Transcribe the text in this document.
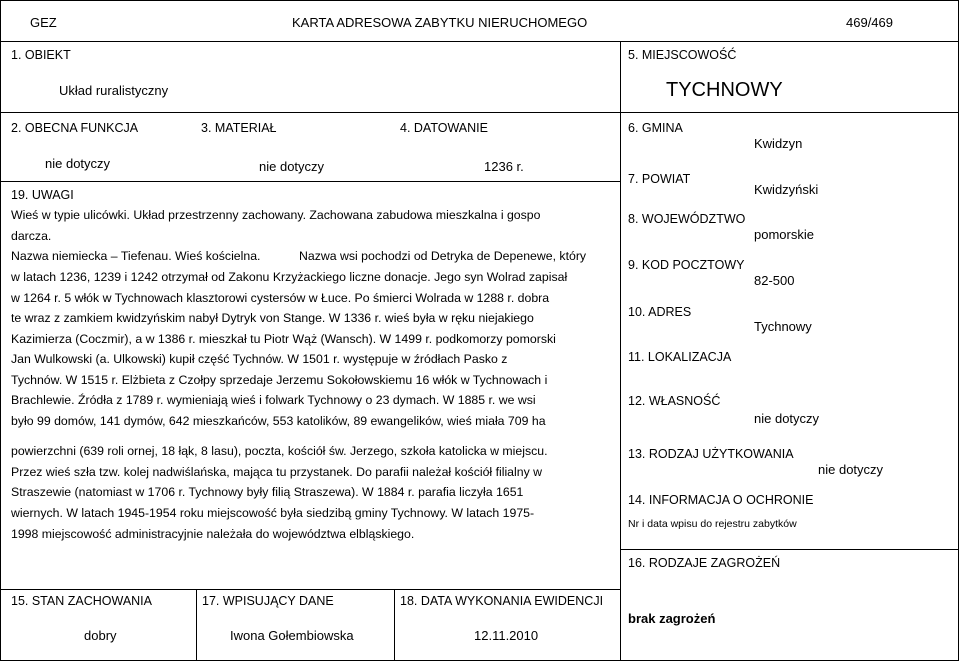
GEZ	KARTA ADRESOWA ZABYTKU NIERUCHOMEGO	469/469
1. OBIEKT
Układ ruralistyczny
5. MIEJSCOWOŚĆ
TYCHNOWY
2. OBECNA FUNKCJA
nie dotyczy
3. MATERIAŁ
nie dotyczy
4. DATOWANIE
1236 r.
19. UWAGI
Wieś w typie ulicówki. Układ przestrzenny zachowany. Zachowana zabudowa mieszkalna i gospo
darcza.
Nazwa niemiecka – Tiefenau. Wieś kościelna.	Nazwa wsi pochodzi od Detryka de Depenewe, który
w latach 1236, 1239 i 1242 otrzymał od Zakonu Krzyżackiego liczne donacje. Jego syn Wolrad zapisał
w 1264 r. 5 włók w Tychnowach klasztorowi cystersów w Łuce. Po śmierci Wolrada w 1288 r. dobra
te wraz z zamkiem kwidzyńskim nabył Dytryk von Stange. W 1336 r. wieś była w ręku niejakiego
Kazimierza (Coczmir), a w 1386 r. mieszkał tu Piotr Wąż (Wansch). W 1499 r. podkomorzy pomorski
Jan Wulkowski (a. Ulkowski) kupił część Tychnów. W 1501 r. występuje w źródłach Pasko z
Tychnów. W 1515 r. Elżbieta z Czołpy sprzedaje Jerzemu Sokołowskiemu 16 włók w Tychnowach i
Brachlewie. Źródła z 1789 r. wymieniają wieś i folwark Tychnowy o 23 dymach. W 1885 r. we wsi
było 99 domów, 141 dymów, 642 mieszkańców, 553 katolików, 89 ewangelików, wieś miała 709 ha
powierzchni (639 roli ornej, 18 łąk, 8 lasu), poczta, kościół św. Jerzego, szkoła katolicka w miejscu.
Przez wieś szła tzw. kolej nadwiślańska, mająca tu przystanek. Do parafii należał kościół filialny w
Straszewie (natomiast w 1706 r. Tychnowy były filią Straszewa). W 1884 r. parafia liczyła 1651
wiernych. W latach 1945-1954 roku miejscowość była siedzibą gminy Tychnowy. W latach 1975-
1998 miejscowość administracyjnie należała do województwa elbląskiego.
6. GMINA
Kwidzyn
7. POWIAT
Kwidzyński
8. WOJEWÓDZTWO
pomorskie
9. KOD POCZTOWY
82-500
10. ADRES
Tychnowy
11. LOKALIZACJA
12. WŁASNOŚĆ
nie dotyczy
13. RODZAJ UŻYTKOWANIA
nie dotyczy
14. INFORMACJA O OCHRONIE
Nr i data wpisu do rejestru zabytków
16. RODZAJE ZAGROŻEŃ
brak zagrożeń
15. STAN ZACHOWANIA
dobry
17. WPISUJĄCY DANE
Iwona Gołembiowska
18. DATA WYKONANIA EWIDENCJI
12.11.2010
